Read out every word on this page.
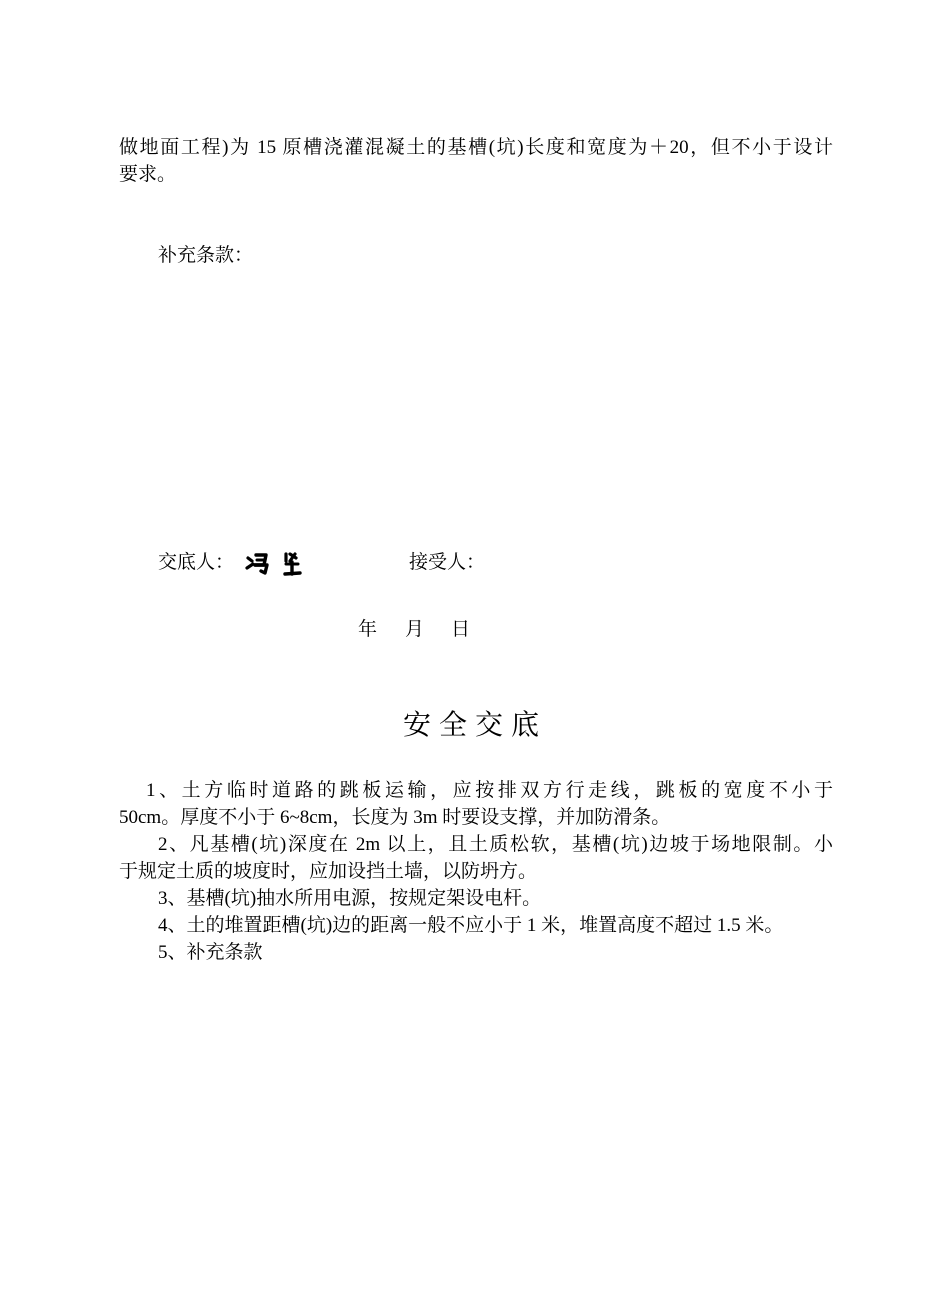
做地面工程)为 15 原槽浇灌混凝土的基槽(坑)长度和宽度为＋20，但不小于设计
要求。
补充条款：
交底人：	接受人：
年 月 日
安全交底
1、土方临时道路的跳板运输，应按排双方行走线，跳板的宽度不小于
50cm。厚度不小于 6~8cm，长度为 3m 时要设支撑，并加防滑条。
2、凡基槽(坑)深度在 2m 以上，且土质松软，基槽(坑)边坡于场地限制。小
于规定土质的坡度时，应加设挡土墙，以防坍方。
3、基槽(坑)抽水所用电源，按规定架设电杆。
4、土的堆置距槽(坑)边的距离一般不应小于 1 米，堆置高度不超过 1.5 米。
5、补充条款
